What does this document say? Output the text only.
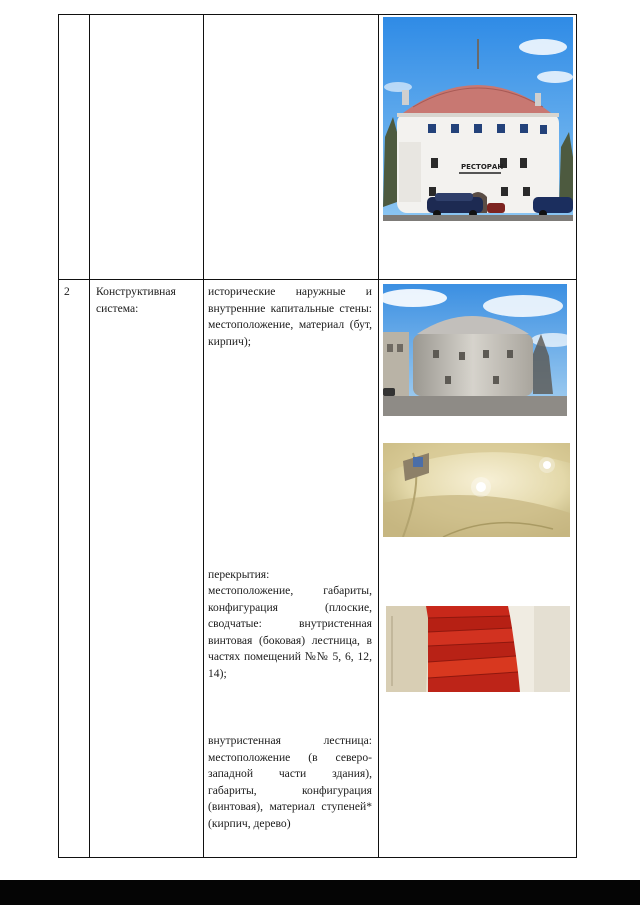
2 Конструктивная система:
исторические наружные и внутренние капитальные стены: местоположение, материал (бут, кирпич);
перекрытия:
местоположение, габариты, конфигурация (плоские, сводчатые: внутристенная винтовая (боковая) лестница, в частях помещений №№ 5, 6, 12, 14);
внутристенная лестница: местоположение (в северо-западной части здания), габариты, конфигурация (винтовая), материал ступеней* (кирпич, дерево)
РЕСТОРАН
